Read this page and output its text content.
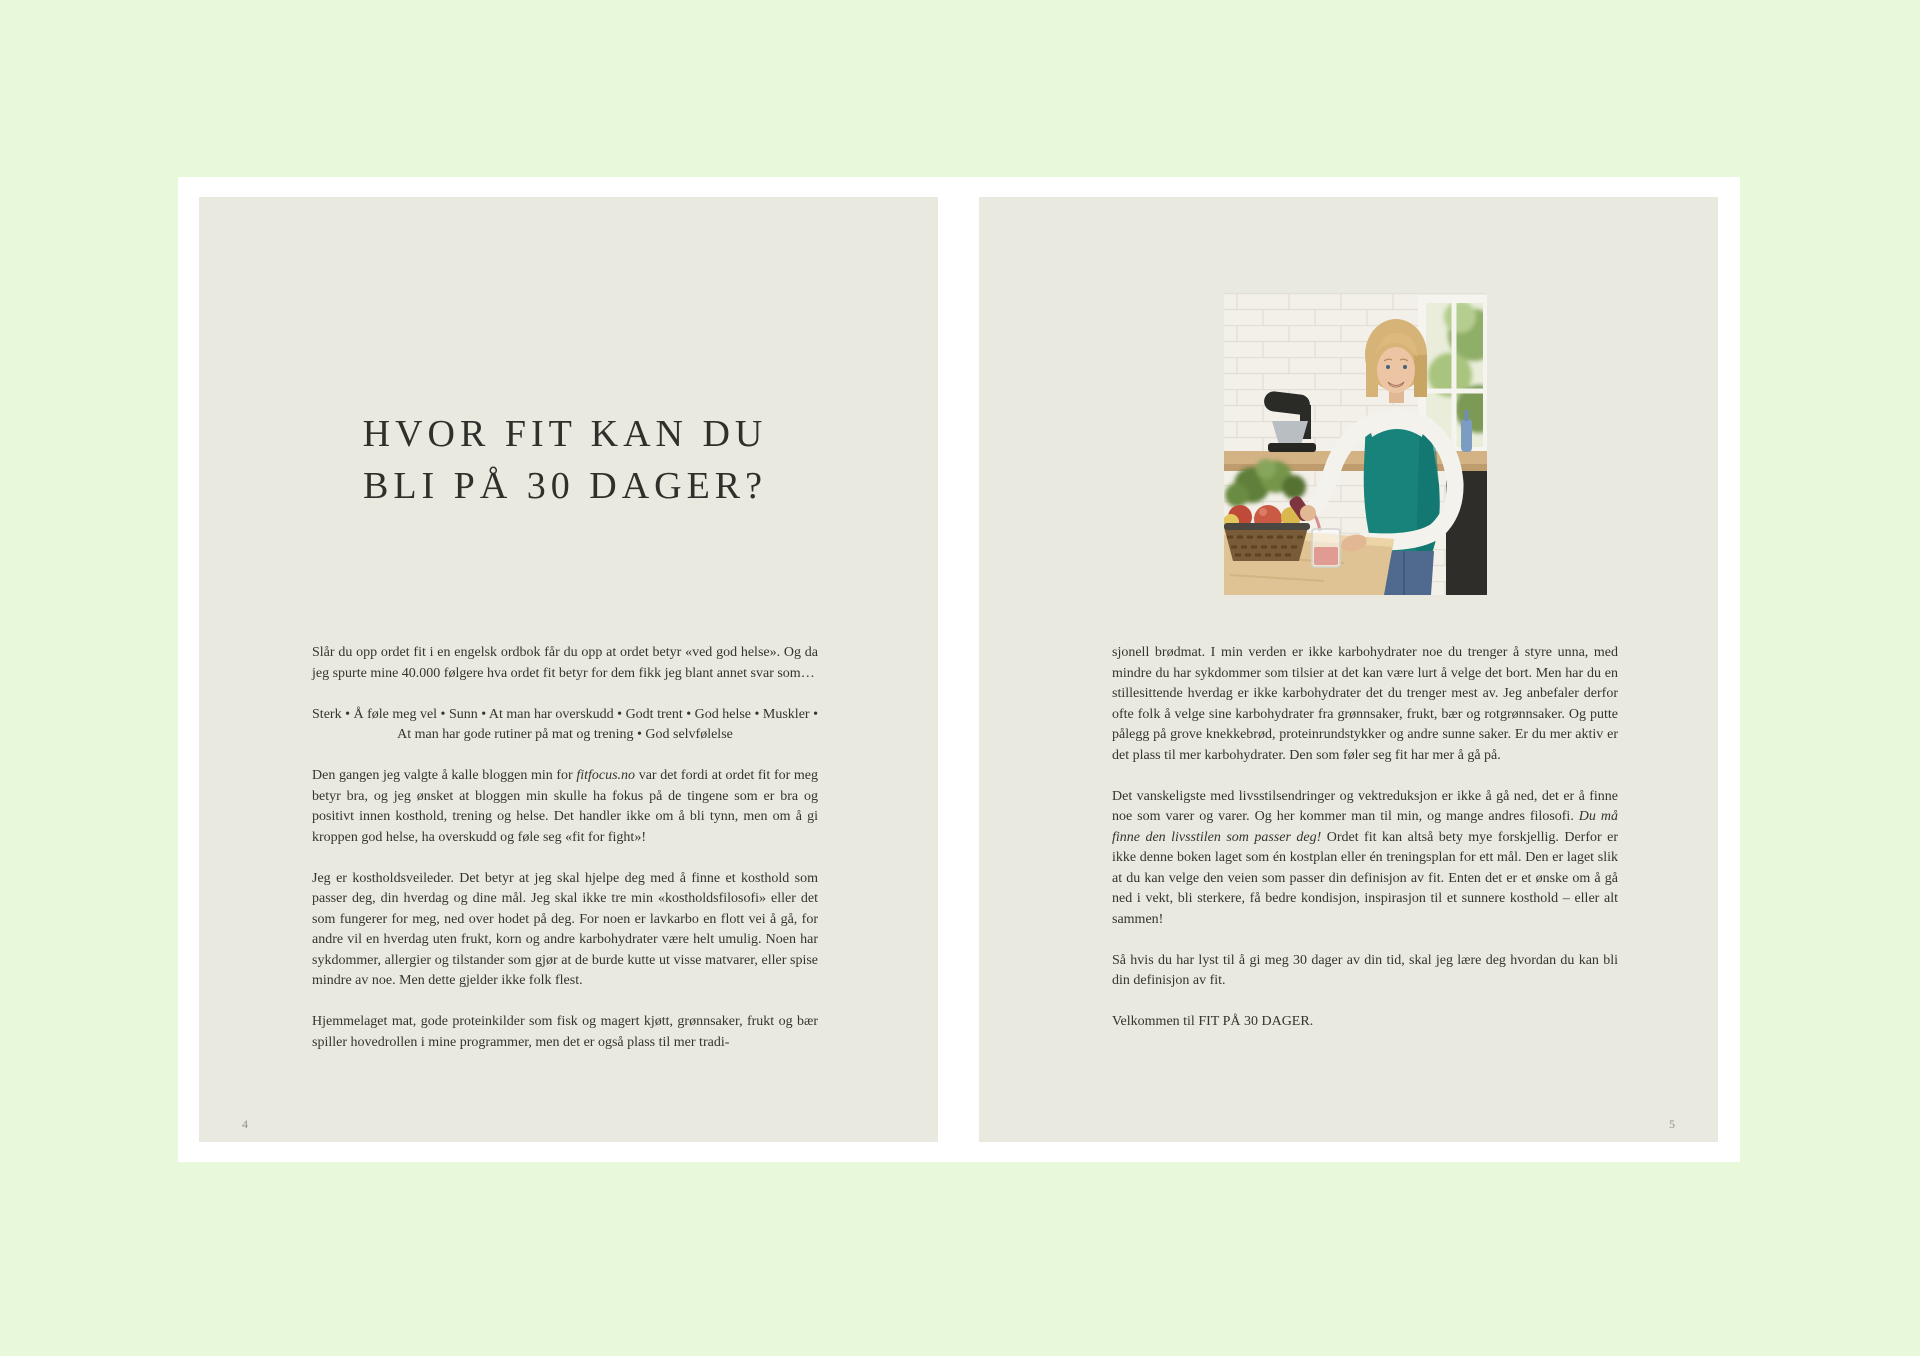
HVOR FIT KAN DU
BLI PÅ 30 DAGER?

Slår du opp ordet fit i en engelsk ordbok får du opp at ordet betyr «ved god helse». Og da jeg spurte mine 40.000 følgere hva ordet fit betyr for dem fikk jeg blant annet svar som…

Sterk • Å føle meg vel • Sunn • At man har overskudd • Godt trent • God helse • Muskler • At man har gode rutiner på mat og trening • God selvfølelse

Den gangen jeg valgte å kalle bloggen min for fitfocus.no var det fordi at ordet fit for meg betyr bra, og jeg ønsket at bloggen min skulle ha fokus på de tingene som er bra og positivt innen kosthold, trening og helse. Det handler ikke om å bli tynn, men om å gi kroppen god helse, ha overskudd og føle seg «fit for fight»!

Jeg er kostholdsveileder. Det betyr at jeg skal hjelpe deg med å finne et kosthold som passer deg, din hverdag og dine mål. Jeg skal ikke tre min «kostholdsfilosofi» eller det som fungerer for meg, ned over hodet på deg. For noen er lavkarbo en flott vei å gå, for andre vil en hverdag uten frukt, korn og andre karbohydrater være helt umulig. Noen har sykdommer, allergier og tilstander som gjør at de burde kutte ut visse matvarer, eller spise mindre av noe. Men dette gjelder ikke folk flest.

Hjemmelaget mat, gode proteinkilder som fisk og magert kjøtt, grønnsaker, frukt og bær spiller hovedrollen i mine programmer, men det er også plass til mer tradi-

4

sjonell brødmat. I min verden er ikke karbohydrater noe du trenger å styre unna, med mindre du har sykdommer som tilsier at det kan være lurt å velge det bort. Men har du en stillesittende hverdag er ikke karbohydrater det du trenger mest av. Jeg anbefaler derfor ofte folk å velge sine karbohydrater fra grønnsaker, frukt, bær og rotgrønnsaker. Og putte pålegg på grove knekkebrød, proteinrundstykker og andre sunne saker. Er du mer aktiv er det plass til mer karbohydrater. Den som føler seg fit har mer å gå på.

Det vanskeligste med livsstilsendringer og vektreduksjon er ikke å gå ned, det er å finne noe som varer og varer. Og her kommer man til min, og mange andres filosofi. Du må finne den livsstilen som passer deg! Ordet fit kan altså bety mye forskjellig. Derfor er ikke denne boken laget som én kostplan eller én treningsplan for ett mål. Den er laget slik at du kan velge den veien som passer din definisjon av fit. Enten det er et ønske om å gå ned i vekt, bli sterkere, få bedre kondisjon, inspirasjon til et sunnere kosthold – eller alt sammen!

Så hvis du har lyst til å gi meg 30 dager av din tid, skal jeg lære deg hvordan du kan bli din definisjon av fit.

Velkommen til FIT PÅ 30 DAGER.

5
